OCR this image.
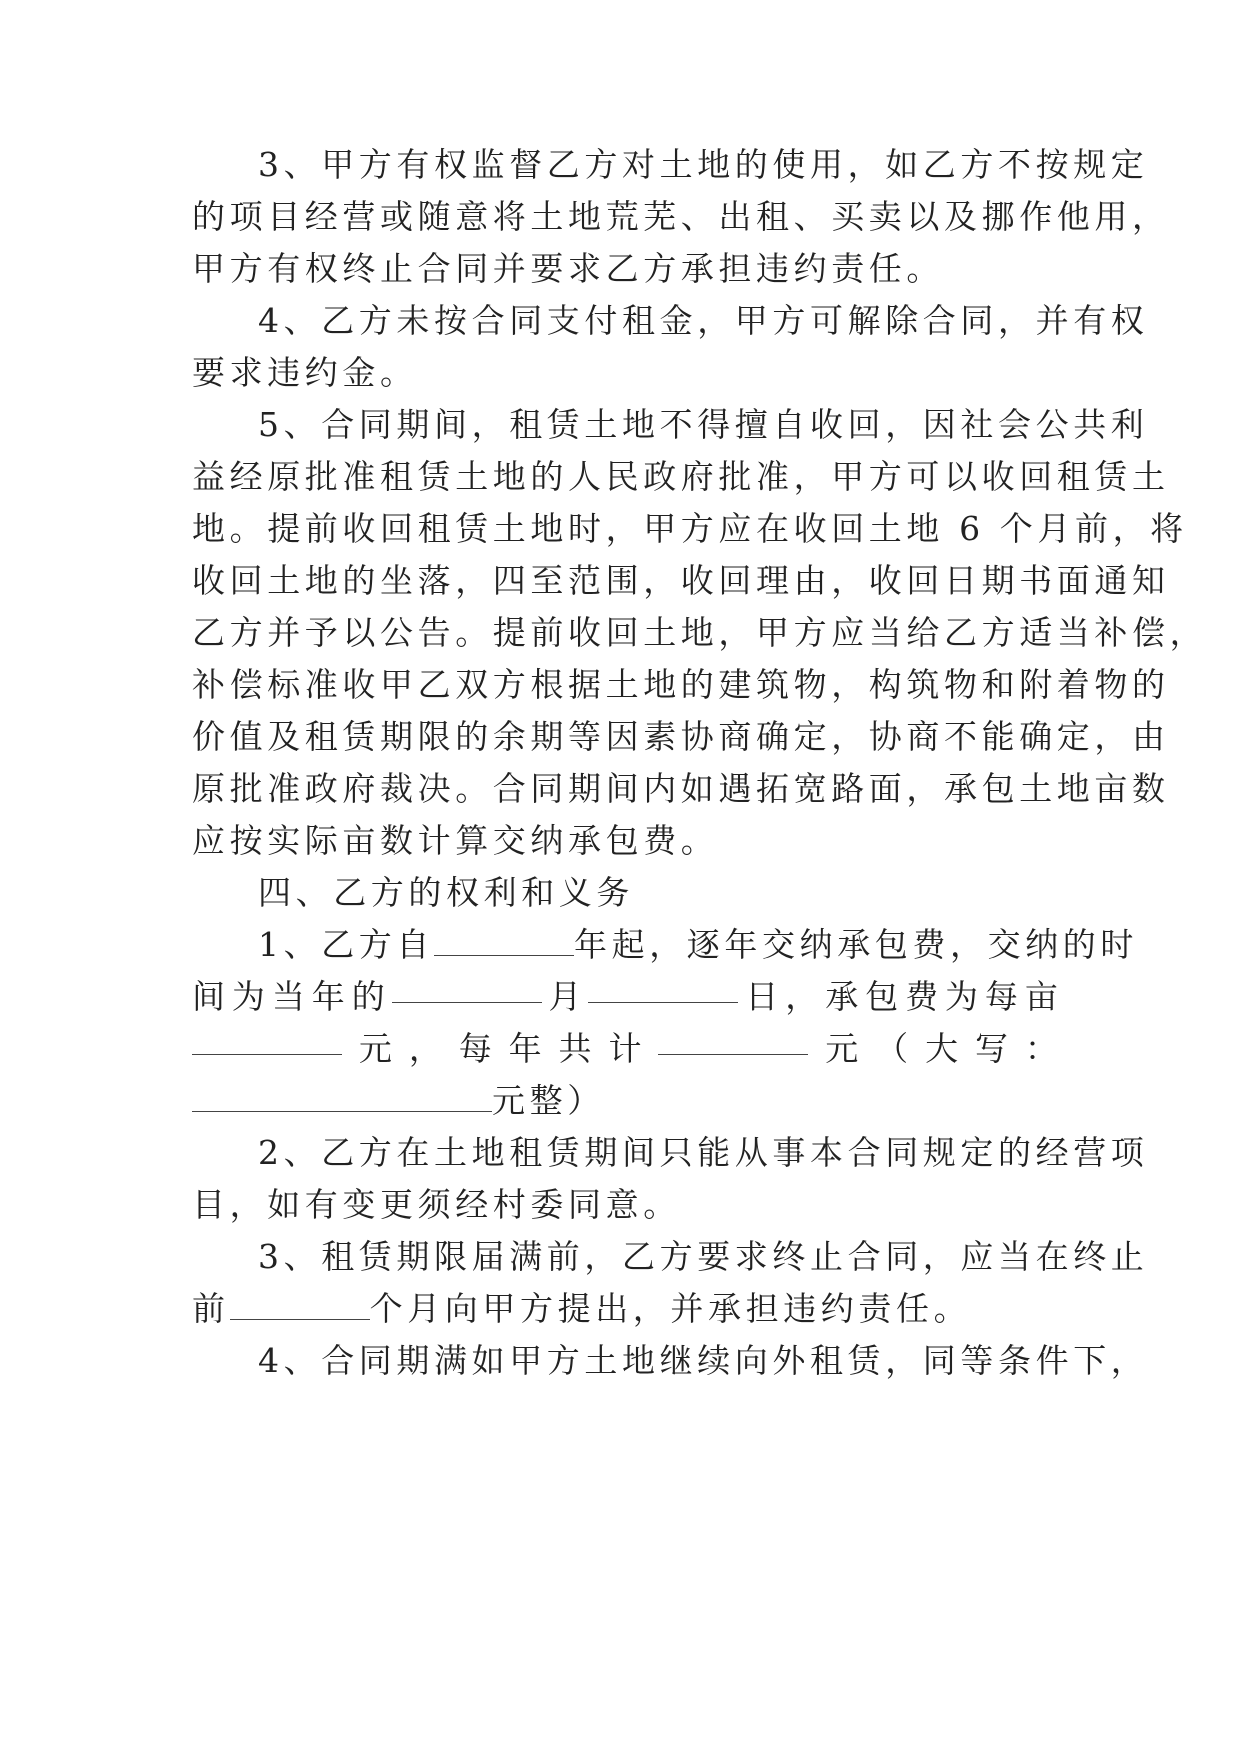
3、甲方有权监督乙方对土地的使用，如乙方不按规定
的项目经营或随意将土地荒芜、出租、买卖以及挪作他用，
甲方有权终止合同并要求乙方承担违约责任。
4、乙方未按合同支付租金，甲方可解除合同，并有权
要求违约金。
5、合同期间，租赁土地不得擅自收回，因社会公共利
益经原批准租赁土地的人民政府批准，甲方可以收回租赁土
地。提前收回租赁土地时，甲方应在收回土地 6 个月前，将
收回土地的坐落，四至范围，收回理由，收回日期书面通知
乙方并予以公告。提前收回土地，甲方应当给乙方适当补偿，
补偿标准收甲乙双方根据土地的建筑物，构筑物和附着物的
价值及租赁期限的余期等因素协商确定，协商不能确定，由
原批准政府裁决。合同期间内如遇拓宽路面，承包土地亩数
应按实际亩数计算交纳承包费。
四、乙方的权利和义务
1、乙方自	年起，逐年交纳承包费，交纳的时
间 为 当 年 的	月	日 ， 承 包 费 为 每 亩
元 ， 每 年 共 计	元 （ 大 写 ：
元整）
2、乙方在土地租赁期间只能从事本合同规定的经营项
目，如有变更须经村委同意。
3、租赁期限届满前，乙方要求终止合同，应当在终止
前	个月向甲方提出，并承担违约责任。
4、合同期满如甲方土地继续向外租赁，同等条件下，
